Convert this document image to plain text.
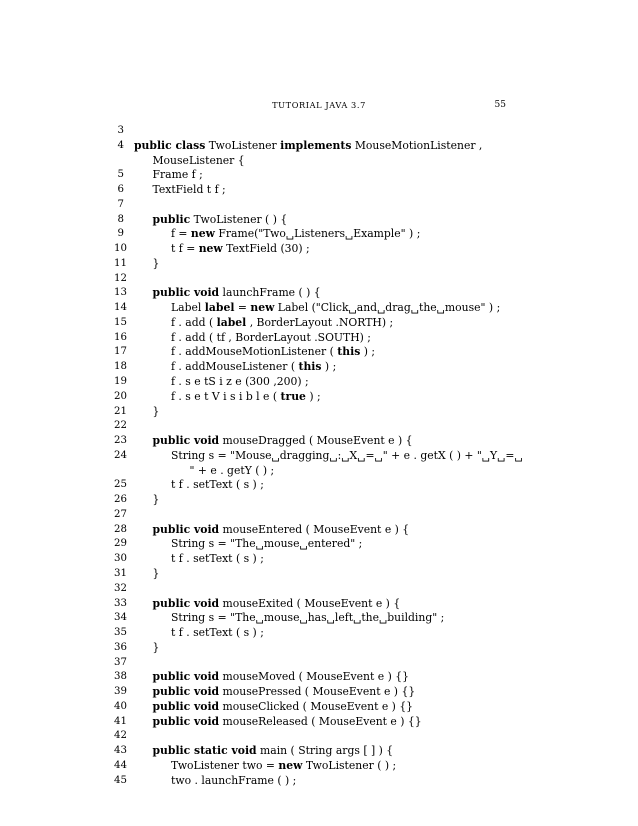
TUTORIAL JAVA 3.7	55
3
4 public class TwoListener implements MouseMotionListener ,
MouseListener {
5	Frame f ;
6	TextField t f ;
7
8	public TwoListener ( ) {
9	f = new Frame("Two␣Listeners␣Example" ) ;
10	t f = new TextField (30) ;
11 }
12
13 public void launchFrame ( ) {
14	Label label = new Label ("Click␣and␣drag␣the␣mouse" ) ;
15	f . add ( label , BorderLayout .NORTH) ;
16	f . add ( tf , BorderLayout .SOUTH) ;
17	f . addMouseMotionListener ( this ) ;
18	f . addMouseListener ( this ) ;
19	f . s e tS i z e (300 ,200) ;
20	f . s e t V i s i b l e ( true ) ;
21 }
22
23 public void mouseDragged ( MouseEvent e ) {
24	String s = "Mouse␣dragging␣:␣X␣=␣" + e . getX ( ) + "␣Y␣=␣
" + e . getY ( ) ;
25	t f . setText ( s ) ;
26 }
27
28 public void mouseEntered ( MouseEvent e ) {
29	String s = "The␣mouse␣entered" ;
30	t f . setText ( s ) ;
31 }
32
33 public void mouseExited ( MouseEvent e ) {
34	String s = "The␣mouse␣has␣left␣the␣building" ;
35	t f . setText ( s ) ;
36 }
37
38 public void mouseMoved ( MouseEvent e ) {}
39 public void mousePressed ( MouseEvent e ) {}
40 public void mouseClicked ( MouseEvent e ) {}
41 public void mouseReleased ( MouseEvent e ) {}
42
43 public static void main ( String args [ ] ) {
44	TwoListener two = new TwoListener ( ) ;
45	two . launchFrame ( ) ;
